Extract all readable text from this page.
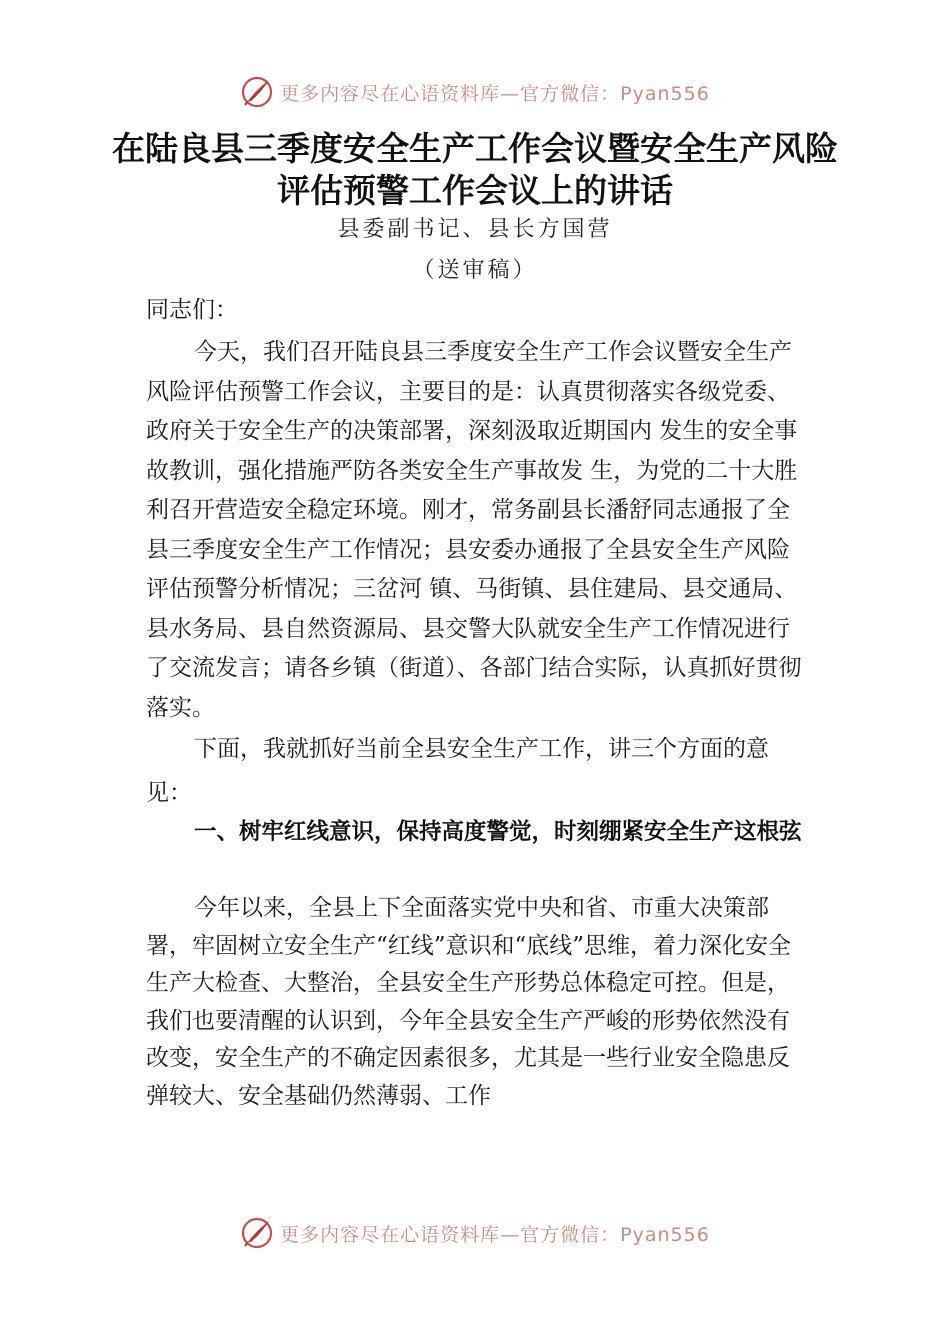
更多内容尽在心语资料库—官方微信：Pyan556
在陆良县三季度安全生产工作会议暨安全生产风险评估预警工作会议上的讲话
县委副书记、县长方国营
（送审稿）

同志们：

今天，我们召开陆良县三季度安全生产工作会议暨安全生产风险评估预警工作会议，主要目的是：认真贯彻落实各级党委、政府关于安全生产的决策部署，深刻汲取近期国内 发生的安全事故教训，强化措施严防各类安全生产事故发 生，为党的二十大胜利召开营造安全稳定环境。刚才，常务副县长潘舒同志通报了全县三季度安全生产工作情况；县安委办通报了全县安全生产风险评估预警分析情况；三岔河 镇、马街镇、县住建局、县交通局、县水务局、县自然资源局、县交警大队就安全生产工作情况进行了交流发言；请各乡镇（街道）、各部门结合实际，认真抓好贯彻落实。

下面，我就抓好当前全县安全生产工作，讲三个方面的意见：

一、树牢红线意识，保持高度警觉，时刻绷紧安全生产这根弦

今年以来，全县上下全面落实党中央和省、市重大决策部署，牢固树立安全生产“红线”意识和“底线”思维，着力深化安全生产大检查、大整治，全县安全生产形势总体稳定可控。但是，我们也要清醒的认识到，今年全县安全生产严峻的形势依然没有改变，安全生产的不确定因素很多，尤其是一些行业安全隐患反弹较大、安全基础仍然薄弱、工作

更多内容尽在心语资料库—官方微信：Pyan556
